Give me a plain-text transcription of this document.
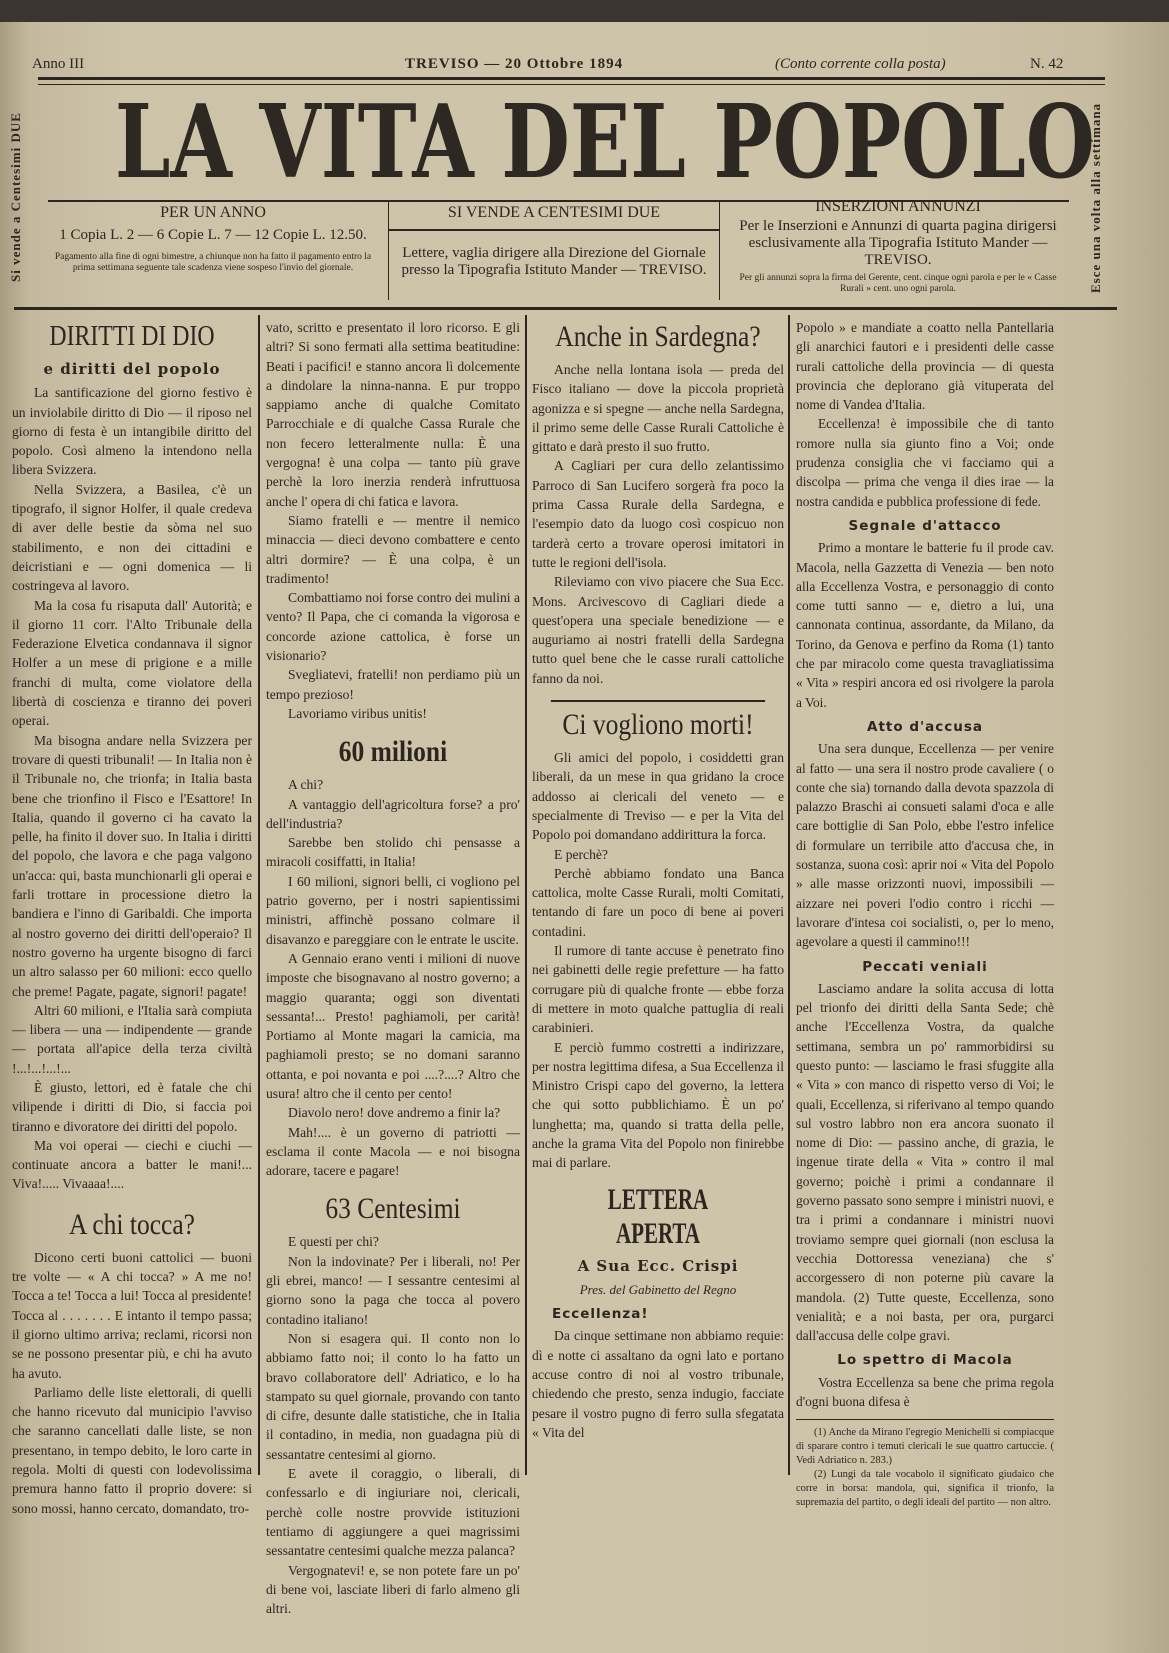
Anno III	TREVISO — 20 Ottobre 1894	(Conto corrente colla posta)	N. 42
Si vende a Centesimi DUE	Esce una volta alla settimana
LA VITA DEL POPOLO
PER UN ANNO
1 Copia L. 2 — 6 Copie L. 7 — 12 Copie L. 12.50.
Pagamento alla fine di ogni bimestre, a chiunque non ha fatto il pagamento entro la prima settimana seguente tale scadenza viene sospeso l'invio del giornale.
SI VENDE A CENTESIMI DUE
Lettere, vaglia dirigere alla Direzione del Giornale presso la Tipografia Istituto Mander — TREVISO.
INSERZIONI ANNUNZI
Per le Inserzioni e Annunzi di quarta pagina dirigersi esclusivamente alla Tipografia Istituto Mander — TREVISO.
Per gli annunzi sopra la firma del Gerente, cent. cinque ogni parola e per le « Casse Rurali » cent. uno ogni parola.
DIRITTI DI DIO
e diritti del popolo

La santificazione del giorno festivo è un inviolabile diritto di Dio — il riposo nel giorno di festa è un intangibile diritto del popolo. Così almeno la intendono nella libera Svizzera.

Nella Svizzera, a Basilea, c'è un tipografo, il signor Holfer, il quale credeva di aver delle bestie da sòma nel suo stabilimento, e non dei cittadini e deicristiani e — ogni domenica — li costringeva al lavoro.

Ma la cosa fu risaputa dall' Autorità; e il giorno 11 corr. l'Alto Tribunale della Federazione Elvetica condannava il signor Holfer a un mese di prigione e a mille franchi di multa, come violatore della libertà di coscienza e tiranno dei poveri operai.

Ma bisogna andare nella Svizzera per trovare di questi tribunali! — In Italia non è il Tribunale no, che trionfa; in Italia basta bene che trionfino il Fisco e l'Esattore! In Italia, quando il governo ci ha cavato la pelle, ha finito il dover suo. In Italia i diritti del popolo, che lavora e che paga valgono un'acca: qui, basta munchionarli gli operai e farli trottare in processione dietro la bandiera e l'inno di Garibaldi. Che importa al nostro governo dei diritti dell'operaio? Il nostro governo ha urgente bisogno di farci un altro salasso per 60 milioni: ecco quello che preme! Pagate, pagate, signori! pagate!

Altri 60 milioni, e l'Italia sarà compiuta — libera — una — indipendente — grande — portata all'apice della terza civiltà !...!...!...!...

È giusto, lettori, ed è fatale che chi vilipende i diritti di Dio, si faccia poi tiranno e divoratore dei diritti del popolo.

Ma voi operai — ciechi e ciuchi — continuate ancora a batter le mani!... Viva!..... Vivaaaa!....

A chi tocca?

Dicono certi buoni cattolici — buoni tre volte — « A chi tocca? » A me no! Tocca a te! Tocca a lui! Tocca al presidente! Tocca al . . . . . . . E intanto il tempo passa; il giorno ultimo arriva; reclami, ricorsi non se ne possono presentar più, e chi ha avuto ha avuto.

Parliamo delle liste elettorali, di quelli che hanno ricevuto dal municipio l'avviso che saranno cancellati dalle liste, se non presentano, in tempo debito, le loro carte in regola. Molti di questi con lodevolissima premura hanno fatto il proprio dovere: si sono mossi, hanno cercato, domandato, tro-

vato, scritto e presentato il loro ricorso. E gli altri? Si sono fermati alla settima beatitudine: Beati i pacifici! e stanno ancora lì dolcemente a dindolare la ninna-nanna. E pur troppo sappiamo anche di qualche Comitato Parrocchiale e di qualche Cassa Rurale che non fecero letteralmente nulla: È una vergogna! è una colpa — tanto più grave perchè la loro inerzia renderà infruttuosa anche l' opera di chi fatica e lavora.

Siamo fratelli e — mentre il nemico minaccia — dieci devono combattere e cento altri dormire? — È una colpa, è un tradimento!

Combattiamo noi forse contro dei mulini a vento? Il Papa, che ci comanda la vigorosa e concorde azione cattolica, è forse un visionario?

Svegliatevi, fratelli! non perdiamo più un tempo prezioso!

Lavoriamo viribus unitis!

60 milioni

A chi?

A vantaggio dell'agricoltura forse? a pro' dell'industria?

Sarebbe ben stolido chi pensasse a miracoli cosiffatti, in Italia!

I 60 milioni, signori belli, ci vogliono pel patrio governo, per i nostri sapientissimi ministri, affinchè possano colmare il disavanzo e pareggiare con le entrate le uscite.

A Gennaio erano venti i milioni di nuove imposte che bisognavano al nostro governo; a maggio quaranta; oggi son diventati sessanta!... Presto! paghiamoli, per carità! Portiamo al Monte magari la camicia, ma paghiamoli presto; se no domani saranno ottanta, e poi novanta e poi ....?....? Altro che usura! altro che il cento per cento!

Diavolo nero! dove andremo a finir la?

Mah!.... è un governo di patriotti — esclama il conte Macola — e noi bisogna adorare, tacere e pagare!

63 Centesimi

E questi per chi?

Non la indovinate? Per i liberali, no! Per gli ebrei, manco! — I sessantre centesimi al giorno sono la paga che tocca al povero contadino italiano!

Non si esagera qui. Il conto non lo abbiamo fatto noi; il conto lo ha fatto un bravo collaboratore dell' Adriatico, e lo ha stampato su quel giornale, provando con tanto di cifre, desunte dalle statistiche, che in Italia il contadino, in media, non guadagna più di sessantatre centesimi al giorno.

E avete il coraggio, o liberali, di confessarlo e di ingiuriare noi, clericali, perchè colle nostre provvide istituzioni tentiamo di aggiungere a quei magrissimi sessantatre centesimi qualche mezza palanca?

Vergognatevi! e, se non potete fare un po' di bene voi, lasciate liberi di farlo almeno gli altri.

Anche in Sardegna?

Anche nella lontana isola — preda del Fisco italiano — dove la piccola proprietà agonizza e si spegne — anche nella Sardegna, il primo seme delle Casse Rurali Cattoliche è gittato e darà presto il suo frutto.

A Cagliari per cura dello zelantissimo Parroco di San Lucifero sorgerà fra poco la prima Cassa Rurale della Sardegna, e l'esempio dato da luogo così cospicuo non tarderà certo a trovare operosi imitatori in tutte le regioni dell'isola.

Rileviamo con vivo piacere che Sua Ecc. Mons. Arcivescovo di Cagliari diede a quest'opera una speciale benedizione — e auguriamo ai nostri fratelli della Sardegna tutto quel bene che le casse rurali cattoliche fanno da noi.

Ci vogliono morti!

Gli amici del popolo, i cosiddetti gran liberali, da un mese in qua gridano la croce addosso ai clericali del veneto — e specialmente di Treviso — e per la Vita del Popolo poi domandano addirittura la forca.

E perchè?

Perchè abbiamo fondato una Banca cattolica, molte Casse Rurali, molti Comitati, tentando di fare un poco di bene ai poveri contadini.

Il rumore di tante accuse è penetrato fino nei gabinetti delle regie prefetture — ha fatto corrugare più di qualche fronte — ebbe forza di mettere in moto qualche pattuglia di reali carabinieri.

E perciò fummo costretti a indirizzare, per nostra legittima difesa, a Sua Eccellenza il Ministro Crispi capo del governo, la lettera che qui sotto pubblichiamo. È un po' lunghetta; ma, quando si tratta della pelle, anche la grama Vita del Popolo non finirebbe mai di parlare.

LETTERA APERTA
A Sua Ecc. Crispi
Pres. del Gabinetto del Regno
Eccellenza!

Da cinque settimane non abbiamo requie: dì e notte ci assaltano da ogni lato e portano accuse contro di noi al vostro tribunale, chiedendo che presto, senza indugio, facciate pesare il vostro pugno di ferro sulla sfegatata « Vita del

Popolo » e mandiate a coatto nella Pantellaria gli anarchici fautori e i presidenti delle casse rurali cattoliche della provincia — di questa provincia che deplorano già vituperata del nome di Vandea d'Italia.

Eccellenza! è impossibile che di tanto romore nulla sia giunto fino a Voi; onde prudenza consiglia che vi facciamo qui a discolpa — prima che venga il dies irae — la nostra candida e pubblica professione di fede.

Segnale d'attacco

Primo a montare le batterie fu il prode cav. Macola, nella Gazzetta di Venezia — ben noto alla Eccellenza Vostra, e personaggio di conto come tutti sanno — e, dietro a lui, una cannonata continua, assordante, da Milano, da Torino, da Genova e perfino da Roma (1) tanto che par miracolo come questa travagliatissima « Vita » respiri ancora ed osi rivolgere la parola a Voi.

Atto d'accusa

Una sera dunque, Eccellenza — per venire al fatto — una sera il nostro prode cavaliere ( o conte che sia) tornando dalla devota spazzola di palazzo Braschi ai consueti salami d'oca e alle care bottiglie di San Polo, ebbe l'estro infelice di formulare un terribile atto d'accusa che, in sostanza, suona così: aprir noi « Vita del Popolo » alle masse orizzonti nuovi, impossibili — aizzare nei poveri l'odio contro i ricchi — lavorare d'intesa coi socialisti, o, per lo meno, agevolare a questi il cammino!!!

Peccati veniali

Lasciamo andare la solita accusa di lotta pel trionfo dei diritti della Santa Sede; chè anche l'Eccellenza Vostra, da qualche settimana, sembra un po' rammorbidirsi su questo punto: — lasciamo le frasi sfuggite alla « Vita » con manco di rispetto verso di Voi; le quali, Eccellenza, si riferivano al tempo quando sul vostro labbro non era ancora suonato il nome di Dio: — passino anche, di grazia, le ingenue tirate della « Vita » contro il mal governo; poichè i primi a condannare il governo passato sono sempre i ministri nuovi, e tra i primi a condannare i ministri nuovi troviamo sempre quei giornali (non esclusa la vecchia Dottoressa veneziana) che s' accorgessero di non poterne più cavare la mandola. (2) Tutte queste, Eccellenza, sono venialità; e a noi basta, per ora, purgarci dall'accusa delle colpe gravi.

Lo spettro di Macola

Vostra Eccellenza sa bene che prima regola d'ogni buona difesa è

(1) Anche da Mirano l'egregio Menichelli si compiacque di sparare contro i temuti clericali le sue quattro cartuccie. ( Vedi Adriatico n. 283.)

(2) Lungi da tale vocabolo il significato giudaico che corre in borsa: mandola, qui, significa il trionfo, la supremazia del partito, o degli ideali del partito — non altro.
